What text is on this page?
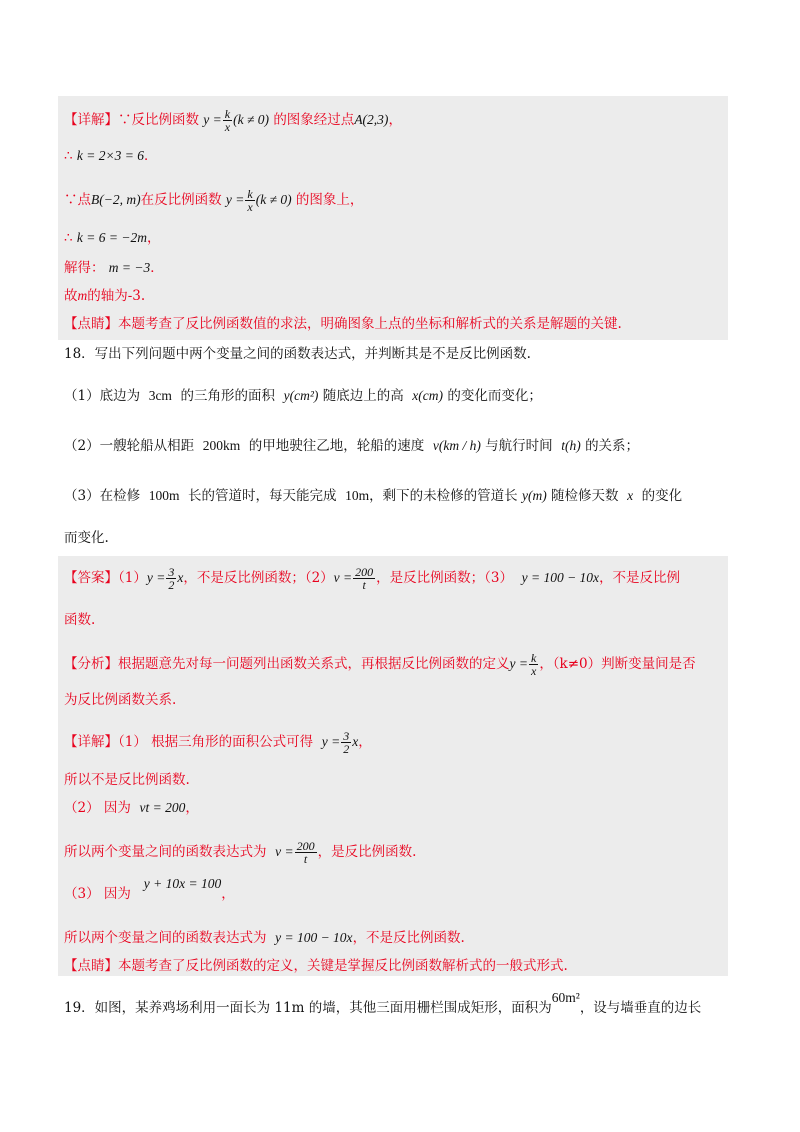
【详解】∵反比例函数 $y = \frac{k}{x} (k \ne 0)$ 的图象经过点A(2,3)，
∴ k = 2×3 = 6．
∵点B(−2, m)在反比例函数 $y = \frac{k}{x} (k \ne 0)$ 的图象上，
∴ k = 6 = −2m，
解得： m = −3．
故m的轴为-3.
【点睛】本题考查了反比例函数值的求法，明确图象上点的坐标和解析式的关系是解题的关键.
18．写出下列问题中两个变量之间的函数表达式，并判断其是不是反比例函数.
（1）底边为 3cm 的三角形的面积 y(cm²) 随底边上的高 x(cm) 的变化而变化；
（2）一艘轮船从相距 200km 的甲地驶往乙地，轮船的速度 v(km / h) 与航行时间 t(h) 的关系；
（3）在检修 100m 长的管道时，每天能完成 10m，剩下的未检修的管道长 y(m) 随检修天数 x 的变化
而变化.
【答案】$(1)y = \frac{3}{2}$ x，不是反比例函数；$(2)v = \frac{200}{t}$ ，是反比例函数；（3） y = 100 − 10x，不是反比例
函数.
【分析】根据题意先对每一问题列出函数关系式，再根据反比例函数的定义$y = \frac{k}{x}$ ，（k≠0）判断变量间是否
为反比例函数关系.
【详解】（1） 根据三角形的面积公式可得 $y = \frac{3}{2}$ x，
所以不是反比例函数.
（2） 因为 vt = 200，
所以两个变量之间的函数表达式为 $v = \frac{200}{t}$ ，是反比例函数.
（3） 因为   y + 10x = 100，
所以两个变量之间的函数表达式为 y = 100 − 10x，不是反比例函数.
【点睛】本题考查了反比例函数的定义，关键是掌握反比例函数解析式的一般式形式.
19．如图，某养鸡场利用一面长为 11m 的墙，其他三面用栅栏围成矩形，面积为60m²，设与墙垂直的边长
